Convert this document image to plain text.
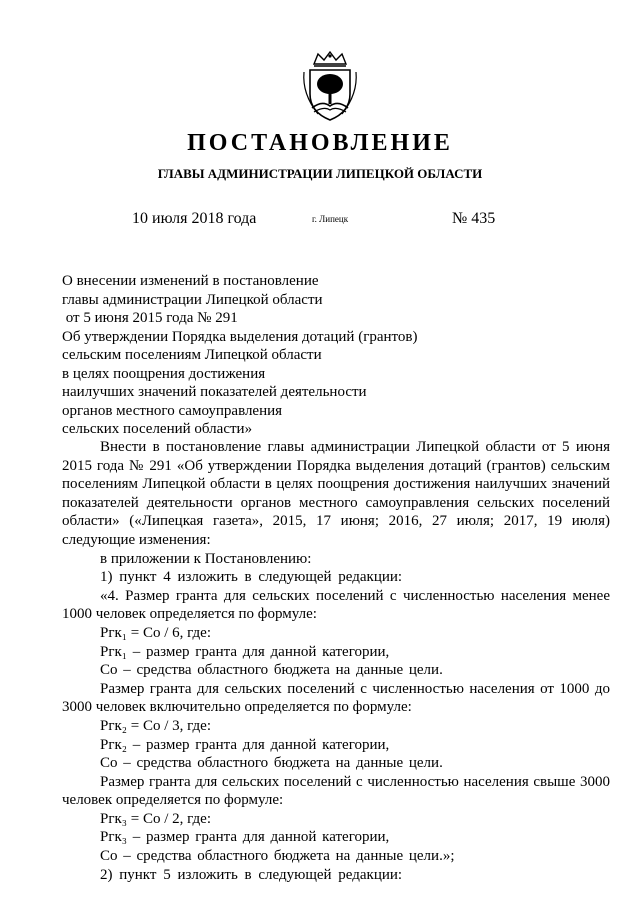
ПОСТАНОВЛЕНИЕ
ГЛАВЫ АДМИНИСТРАЦИИ ЛИПЕЦКОЙ ОБЛАСТИ
10 июля 2018 года	г. Липецк	№ 435
О внесении изменений в постановление
главы администрации Липецкой области
от 5 июня 2015 года № 291
Об утверждении Порядка выделения дотаций (грантов)
сельским поселениям Липецкой области
в целях поощрения достижения
наилучших значений показателей деятельности
органов местного самоуправления
сельских поселений области»

Внести в постановление главы администрации Липецкой области от 5 июня 2015 года № 291 «Об утверждении Порядка выделения дотаций (грантов) сельским поселениям Липецкой области в целях поощрения достижения наилучших значений показателей деятельности органов местного самоуправления сельских поселений области» («Липецкая газета», 2015, 17 июня; 2016, 27 июля; 2017, 19 июля) следующие изменения:

в приложении к Постановлению:

1) пункт 4 изложить в следующей редакции:

«4. Размер гранта для сельских поселений с численностью населения менее 1000 человек определяется по формуле:

Ргк₁ = Со / 6, где:

Ргк₁ – размер гранта для данной категории,

Со – средства областного бюджета на данные цели.

Размер гранта для сельских поселений с численностью населения от 1000 до 3000 человек включительно определяется по формуле:

Ргк₂ = Со / 3, где:

Ргк₂ – размер гранта для данной категории,

Со – средства областного бюджета на данные цели.

Размер гранта для сельских поселений с численностью населения свыше 3000 человек определяется по формуле:

Ргк₃ = Со / 2, где:

Ргк₃ – размер гранта для данной категории,

Со – средства областного бюджета на данные цели.»;

2) пункт 5 изложить в следующей редакции:
